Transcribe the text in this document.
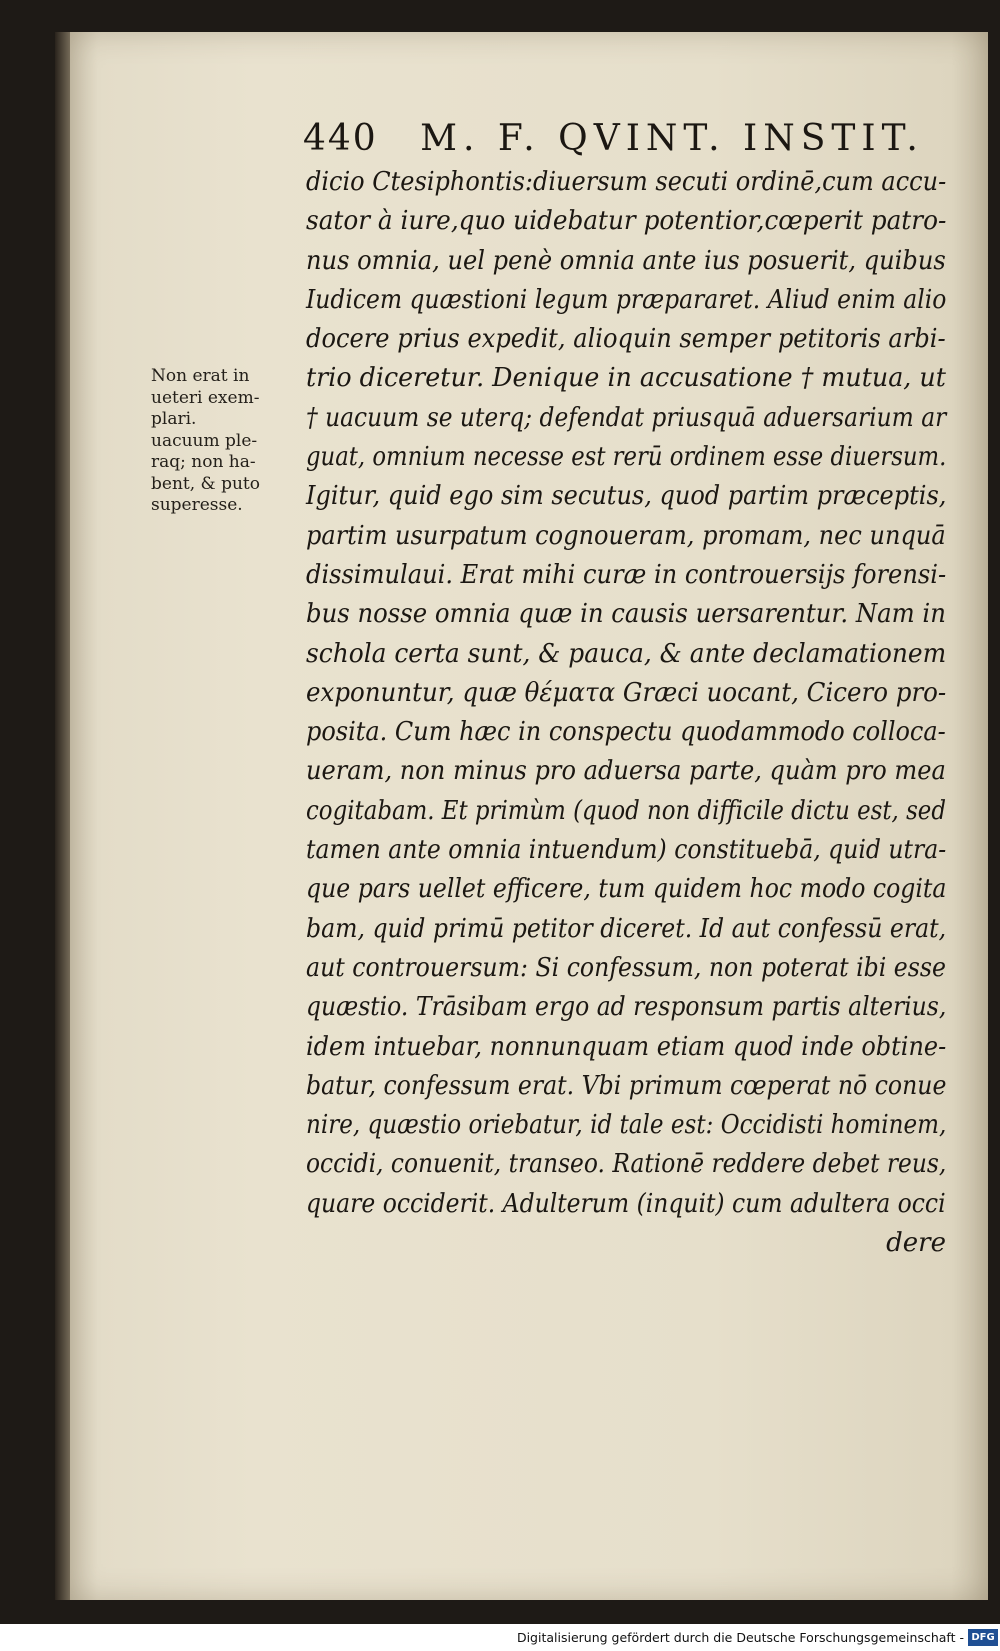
440 M. F. QVINT. INSTIT.
Non erat in
ueteri exem-
plari.
uacuum ple-
raq; non ha-
bent, & puto
superesse.
dicio Ctesiphontis:diuersum secuti ordinē,cum accu-
sator à iure,quo uidebatur potentior,cœperit patro-
nus omnia, uel penè omnia ante ius posuerit, quibus
Iudicem quæstioni legum præpararet. Aliud enim alio
docere prius expedit, alioquin semper petitoris arbi-
trio diceretur. Denique in accusatione † mutua, ut
† uacuum se uterq; defendat priusquā aduersarium ar
guat, omnium necesse est rerū ordinem esse diuersum.
Igitur, quid ego sim secutus, quod partim præceptis,
partim usurpatum cognoueram, promam, nec unquā
dissimulaui. Erat mihi curæ in controuersijs forensi-
bus nosse omnia quæ in causis uersarentur. Nam in
schola certa sunt, & pauca, & ante declamationem
exponuntur, quæ θέματα Græci uocant, Cicero pro-
posita. Cum hæc in conspectu quodammodo colloca-
ueram, non minus pro aduersa parte, quàm pro mea
cogitabam. Et primùm (quod non difficile dictu est, sed
tamen ante omnia intuendum) constituebā, quid utra-
que pars uellet efficere, tum quidem hoc modo cogita
bam, quid primū petitor diceret. Id aut confessū erat,
aut controuersum: Si confessum, non poterat ibi esse
quæstio. Trāsibam ergo ad responsum partis alterius,
idem intuebar, nonnunquam etiam quod inde obtine-
batur, confessum erat. Vbi primum cœperat nō conue
nire, quæstio oriebatur, id tale est: Occidisti hominem,
occidi, conuenit, transeo. Rationē reddere debet reus,
quare occiderit. Adulterum (inquit) cum adultera occi
dere
Digitalisierung gefördert durch die Deutsche Forschungsgemeinschaft - DFG
